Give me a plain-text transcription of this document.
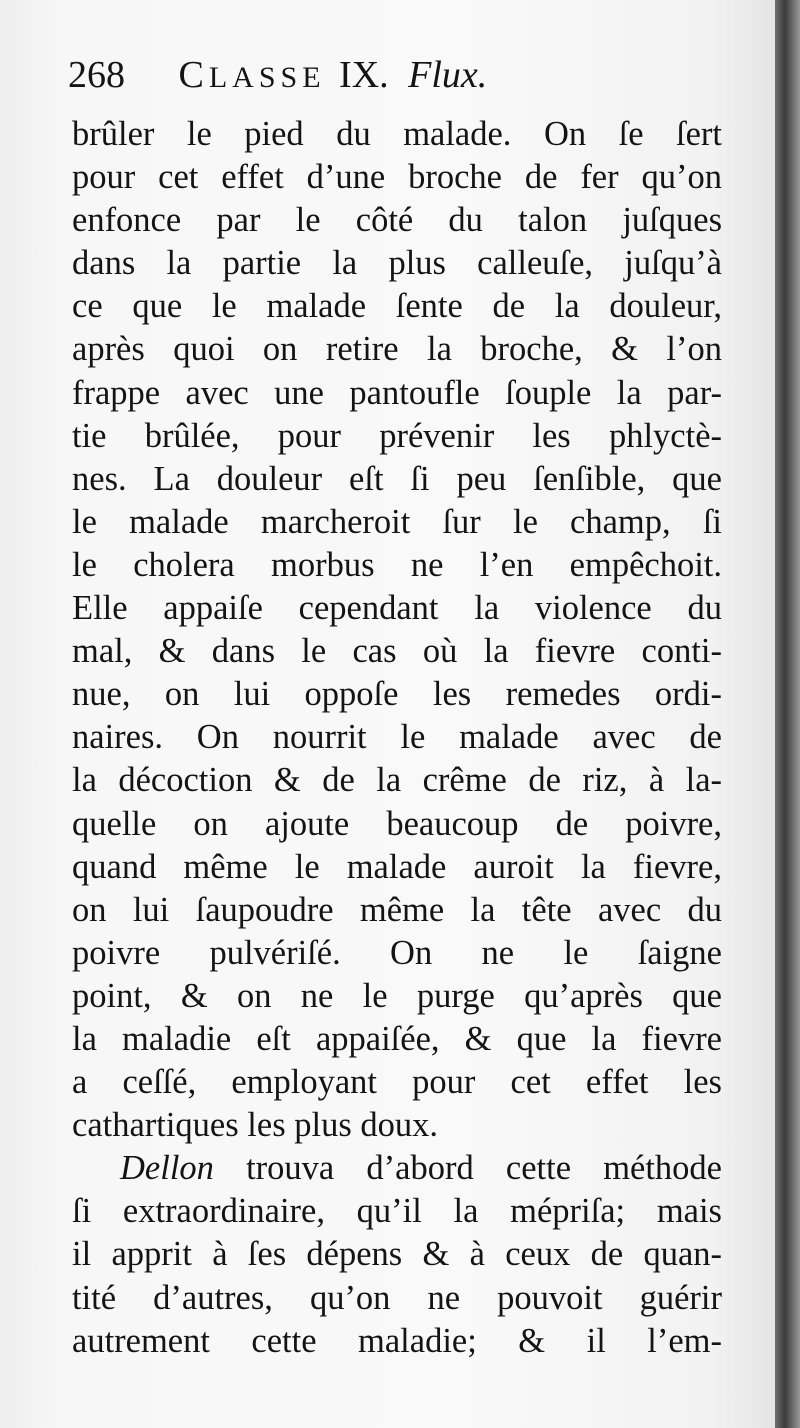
268 CLASSE IX. Flux.
brûler le pied du malade. On ſe ſert
pour cet effet d’une broche de fer qu’on
enfonce par le côté du talon juſques
dans la partie la plus calleuſe, juſqu’à
ce que le malade ſente de la douleur,
après quoi on retire la broche, & l’on
frappe avec une pantoufle ſouple la par-
tie brûlée, pour prévenir les phlyctè-
nes. La douleur eſt ſi peu ſenſible, que
le malade marcheroit ſur le champ, ſi
le cholera morbus ne l’en empêchoit.
Elle appaiſe cependant la violence du
mal, & dans le cas où la fievre conti-
nue, on lui oppoſe les remedes ordi-
naires. On nourrit le malade avec de
la décoction & de la crême de riz, à la-
quelle on ajoute beaucoup de poivre,
quand même le malade auroit la fievre,
on lui ſaupoudre même la tête avec du
poivre pulvériſé. On ne le ſaigne
point, & on ne le purge qu’après que
la maladie eſt appaiſée, & que la fievre
a ceſſé, employant pour cet effet les
cathartiques les plus doux.
Dellon trouva d’abord cette méthode
ſi extraordinaire, qu’il la mépriſa; mais
il apprit à ſes dépens & à ceux de quan-
tité d’autres, qu’on ne pouvoit guérir
autrement cette maladie; & il l’em-
